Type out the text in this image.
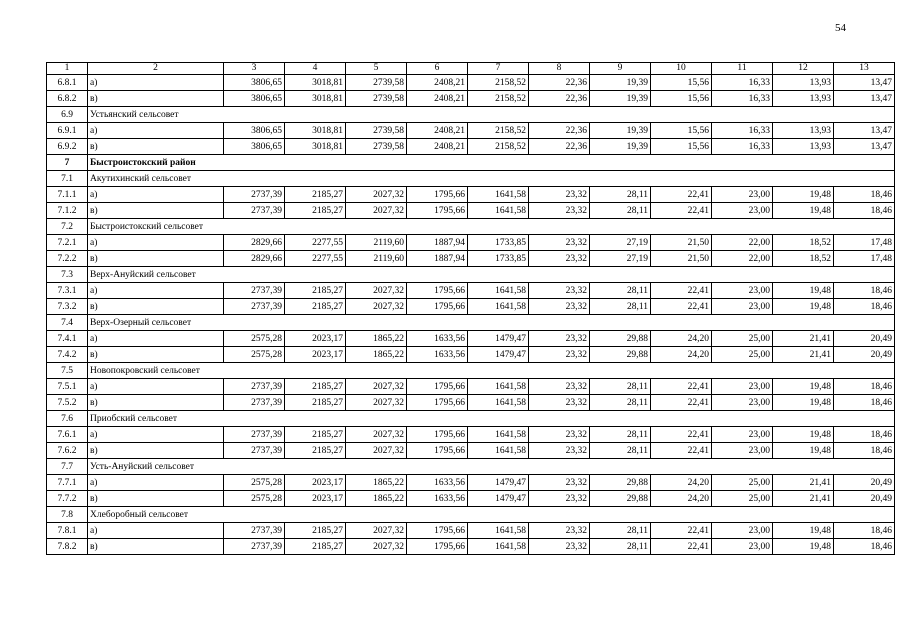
54
1	2	3	4	5	6	7	8	9	10	11	12	13
6.8.1	а)	3806,65	3018,81	2739,58	2408,21	2158,52	22,36	19,39	15,56	16,33	13,93	13,47
6.8.2	в)	3806,65	3018,81	2739,58	2408,21	2158,52	22,36	19,39	15,56	16,33	13,93	13,47
6.9	Устьянский сельсовет											
6.9.1	а)	3806,65	3018,81	2739,58	2408,21	2158,52	22,36	19,39	15,56	16,33	13,93	13,47
6.9.2	в)	3806,65	3018,81	2739,58	2408,21	2158,52	22,36	19,39	15,56	16,33	13,93	13,47
7	Быстроистокский район											
7.1	Акутихинский сельсовет											
7.1.1	а)	2737,39	2185,27	2027,32	1795,66	1641,58	23,32	28,11	22,41	23,00	19,48	18,46
7.1.2	в)	2737,39	2185,27	2027,32	1795,66	1641,58	23,32	28,11	22,41	23,00	19,48	18,46
7.2	Быстроистокский сельсовет											
7.2.1	а)	2829,66	2277,55	2119,60	1887,94	1733,85	23,32	27,19	21,50	22,00	18,52	17,48
7.2.2	в)	2829,66	2277,55	2119,60	1887,94	1733,85	23,32	27,19	21,50	22,00	18,52	17,48
7.3	Верх-Ануйский сельсовет											
7.3.1	а)	2737,39	2185,27	2027,32	1795,66	1641,58	23,32	28,11	22,41	23,00	19,48	18,46
7.3.2	в)	2737,39	2185,27	2027,32	1795,66	1641,58	23,32	28,11	22,41	23,00	19,48	18,46
7.4	Верх-Озерный сельсовет											
7.4.1	а)	2575,28	2023,17	1865,22	1633,56	1479,47	23,32	29,88	24,20	25,00	21,41	20,49
7.4.2	в)	2575,28	2023,17	1865,22	1633,56	1479,47	23,32	29,88	24,20	25,00	21,41	20,49
7.5	Новопокровский сельсовет											
7.5.1	а)	2737,39	2185,27	2027,32	1795,66	1641,58	23,32	28,11	22,41	23,00	19,48	18,46
7.5.2	в)	2737,39	2185,27	2027,32	1795,66	1641,58	23,32	28,11	22,41	23,00	19,48	18,46
7.6	Приобский сельсовет											
7.6.1	а)	2737,39	2185,27	2027,32	1795,66	1641,58	23,32	28,11	22,41	23,00	19,48	18,46
7.6.2	в)	2737,39	2185,27	2027,32	1795,66	1641,58	23,32	28,11	22,41	23,00	19,48	18,46
7.7	Усть-Ануйский сельсовет											
7.7.1	а)	2575,28	2023,17	1865,22	1633,56	1479,47	23,32	29,88	24,20	25,00	21,41	20,49
7.7.2	в)	2575,28	2023,17	1865,22	1633,56	1479,47	23,32	29,88	24,20	25,00	21,41	20,49
7.8	Хлеборобный сельсовет											
7.8.1	а)	2737,39	2185,27	2027,32	1795,66	1641,58	23,32	28,11	22,41	23,00	19,48	18,46
7.8.2	в)	2737,39	2185,27	2027,32	1795,66	1641,58	23,32	28,11	22,41	23,00	19,48	18,46
